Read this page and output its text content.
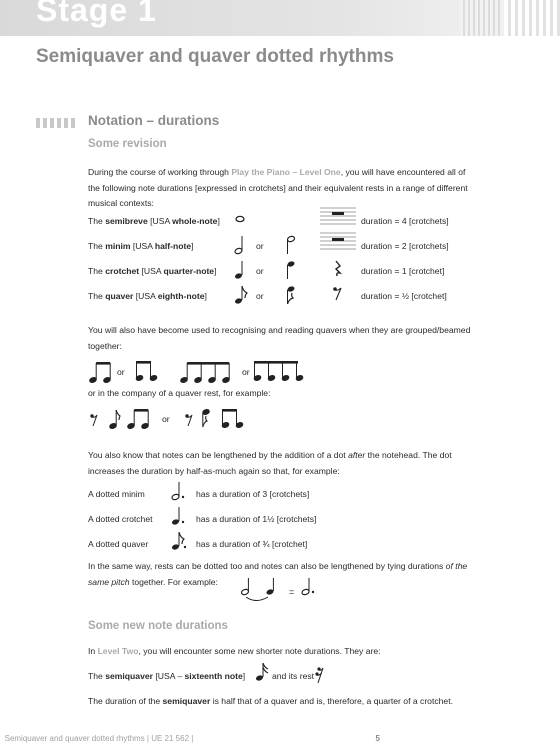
Stage 1
Semiquaver and quaver dotted rhythms
Notation – durations
Some revision
During the course of working through Play the Piano – Level One, you will have encountered all of the following note durations [expressed in crotchets] and their equivalent rests in a range of different musical contexts:
The semibreve [USA whole-note]	duration = 4 [crotchets]
The minim [USA half-note]	or	duration = 2 [crotchets]
The crotchet [USA quarter-note]	or	duration = 1 [crotchet]
The quaver [USA eighth-note]	or	duration = ½ [crotchet]
You will also have become used to recognising and reading quavers when they are grouped/beamed together:
or	or
or in the company of a quaver rest, for example:
or
You also know that notes can be lengthened by the addition of a dot after the notehead. The dot increases the duration by half-as-much again so that, for example:
A dotted minim	has a duration of 3 [crotchets]
A dotted crotchet	has a duration of 1½ [crotchets]
A dotted quaver	has a duration of ¾ [crotchet]
In the same way, rests can be dotted too and notes can also be lengthened by tying durations of the same pitch together. For example:
=
Some new note durations
In Level Two, you will encounter some new shorter note durations. They are:
The semiquaver [USA – sixteenth note]	and its rest
The duration of the semiquaver is half that of a quaver and is, therefore, a quarter of a crotchet.
Semiquaver and quaver dotted rhythms | UE 21 562 |	5
